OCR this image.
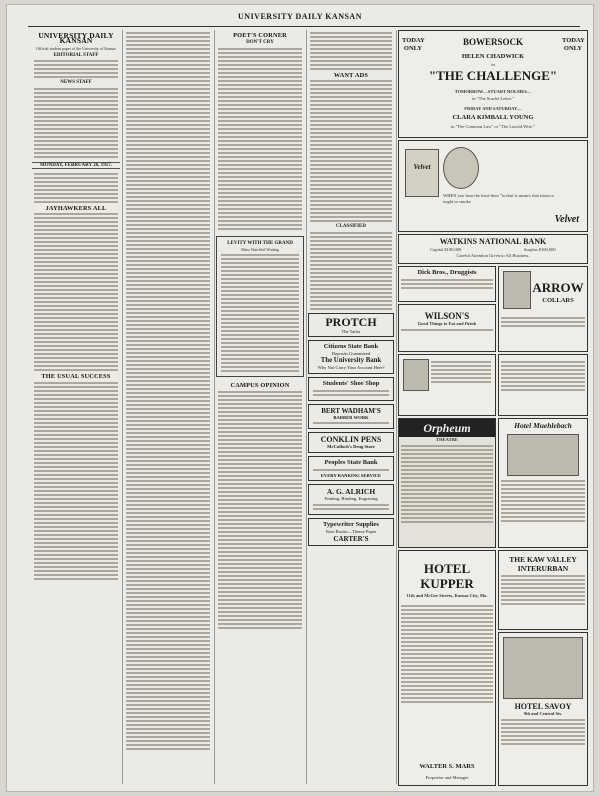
UNIVERSITY DAILY KANSAN
UNIVERSITY DAILY KANSAN
Official student paper of the University of Kansas
EDITORIAL STAFF
NEWS STAFF
MONDAY, FEBRUARY 26, 1917.
JAYHAWKERS ALL
THE USUAL SUCCESS
POET'S CORNER
DON'T CRY
LEVITY WITH THE GRAND
Mens Watchful Waiting
CAMPUS OPINION
WANT ADS
CLASSIFIED
PROTCH
The Tailor
Citizens State Bank
Deposits Guaranteed
The University Bank
Why Not Carry Your Account Here?
Students' Shoe Shop
BERT WADHAM'S
BARBER WORK
CONKLIN PENS
McCulloch's Drug Store
Peoples State Bank
EVERY BANKING SERVICE
A. G. ALRICH
Printing, Binding, Engraving
Typewriter Supplies
Note Books—Theme Paper
CARTER'S
TODAY ONLY
BOWERSOCK	TODAY ONLY
HELEN CHADWICK
in
"THE CHALLENGE"
TOMORROW—STUART HOLMES—
in "The Scarlet Letter."
FRIDAY AND SATURDAY—
CLARA KIMBALL YOUNG
in "The Common Law" or "The Lawful Wife."
Velvet
WHEN you hear the frost-door "lockin' it mean's that tobacco ought to smoke
Velvet
WATKINS NATIONAL BANK
Capital $100,000	Surplus $100,000
Careful Attention Given to All Business.
Dick Bros., Druggists
ARROW
COLLARS
WILSON'S
Good Things to Eat and Drink
Orpheum
THEATRE
Hotel Muehlebach
THE KAW VALLEY INTERURBAN
HOTEL KUPPER
11th and McGee Streets, Kansas City, Mo.
WALTER S. MARS
Proprietor and Manager
HOTEL SAVOY
9th and Central Sts.
